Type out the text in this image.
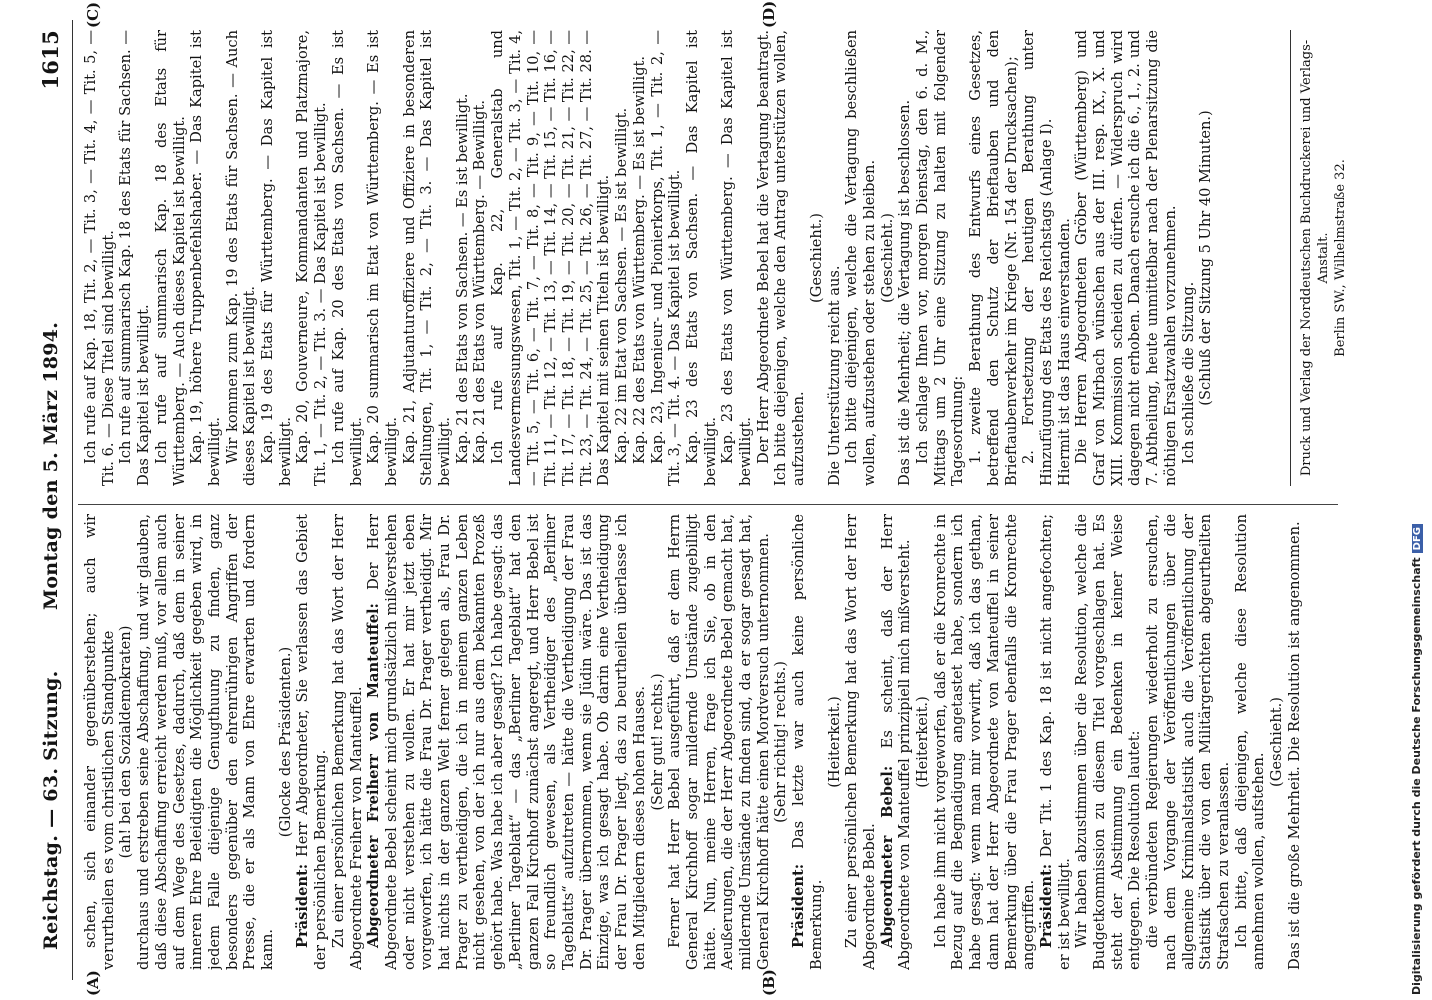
Reichstag. — 63. Sitzung.
Montag den 5. März 1894.
1615
(A)	(B)
(C)	(D)

schen, sich einander gegenüberstehen; auch wir verurtheilen es vom christlichen Standpunkte (ah! bei den Sozialdemokraten) durchaus und erstreben seine Abschaffung, und wir glauben, daß diese Abschaffung erreicht werden muß, vor allem auch auf dem Wege des Gesetzes, dadurch, daß dem in seiner inneren Ehre Beleidigten die Möglichkeit gegeben wird, in jedem Falle diejenige Genugthuung zu finden, ganz besonders gegenüber den ehrenrührigen Angriffen der Presse, die er als Mann von Ehre erwarten und fordern kann.

(Glocke des Präsidenten.)

Präsident: Herr Abgeordneter, Sie verlassen das Gebiet der persönlichen Bemerkung. Zu einer persönlichen Bemerkung hat das Wort der Herr Abgeordnete Freiherr von Manteuffel. Abgeordneter Freiherr von Manteuffel: Der Herr Abgeordnete Bebel scheint mich grundsätzlich mißverstehen oder nicht verstehen zu wollen. Er hat mir jetzt eben vorgeworfen, ich hätte die Frau Dr. Prager vertheidigt. Mir hat nichts in der ganzen Welt ferner gelegen als, Frau Dr. Prager zu vertheidigen, die ich in meinem ganzen Leben nicht gesehen, von der ich nur aus dem bekannten Prozeß gehört habe. Was habe ich aber gesagt? Ich habe gesagt: das „Berliner Tageblatt“ — das „Berliner Tageblatt“ hat den ganzen Fall Kirchhoff zunächst angeregt, und Herr Bebel ist so freundlich gewesen, als Vertheidiger des „Berliner Tageblatts“ aufzutreten — hätte die Vertheidigung der Frau Dr. Prager übernommen, wenn sie Jüdin wäre. Das ist das Einzige, was ich gesagt habe. Ob darin eine Vertheidigung der Frau Dr. Prager liegt, das zu beurtheilen überlasse ich den Mitgliedern dieses hohen Hauses. (Sehr gut! rechts.) Ferner hat Herr Bebel ausgeführt, daß er dem Herrn General Kirchhoff sogar mildernde Umstände zugebilligt hätte. Nun, meine Herren, frage ich Sie, ob in den Aeußerungen, die der Herr Abgeordnete Bebel gemacht hat, mildernde Umstände zu finden sind, da er sogar gesagt hat, General Kirchhoff hätte einen Mordversuch unternommen. (Sehr richtig! rechts.)

Präsident: Das letzte war auch keine persönliche Bemerkung.

(Heiterkeit.) Zu einer persönlichen Bemerkung hat das Wort der Herr Abgeordnete Bebel. Abgeordneter Bebel: Es scheint, daß der Herr Abgeordnete von Manteuffel prinzipiell mich mißversteht. (Heiterkeit.) Ich habe ihm nicht vorgeworfen, daß er die Kronrechte in Bezug auf die Begnadigung angetastet habe, sondern ich habe gesagt: wenn man mir vorwirft, daß ich das gethan, dann hat der Herr Abgeordnete von Manteuffel in seiner Bemerkung über die Frau Prager ebenfalls die Kronrechte angegriffen. Präsident: Der Tit. 1 des Kap. 18 ist nicht angefochten; er ist bewilligt. Wir haben abzustimmen über die Resolution, welche die Budgetkommission zu diesem Titel vorgeschlagen hat. Es steht der Abstimmung ein Bedenken in keiner Weise entgegen. Die Resolution lautet: die verbündeten Regierungen wiederholt zu ersuchen, nach dem Vorgange der Veröffentlichungen über die allgemeine Kriminalstatistik auch die Veröffentlichung der Statistik über die von den Militärgerichten abgeurtheilten Strafsachen zu veranlassen. Ich bitte, daß diejenigen, welche diese Resolution annehmen wollen, aufstehen.

(Geschieht.) Das ist die große Mehrheit. Die Resolution ist angenommen.

Ich rufe auf Kap. 18, Tit. 2, — Tit. 3, — Tit. 4, — Tit. 5, — Tit. 6. — Diese Titel sind bewilligt. Ich rufe auf summarisch Kap. 18 des Etats für Sachsen. — Das Kapitel ist bewilligt. Ich rufe auf summarisch Kap. 18 des Etats für Württemberg. — Auch dieses Kapitel ist bewilligt. Kap. 19, höhere Truppenbefehlshaber. — Das Kapitel ist bewilligt. Wir kommen zum Kap. 19 des Etats für Sachsen. — Auch dieses Kapitel ist bewilligt. Kap. 19 des Etats für Württemberg. — Das Kapitel ist bewilligt. Kap. 20, Gouverneure, Kommandanten und Platzmajore, Tit. 1, — Tit. 2, — Tit. 3. — Das Kapitel ist bewilligt. Ich rufe auf Kap. 20 des Etats von Sachsen. — Es ist bewilligt. Kap. 20 summarisch im Etat von Württemberg. — Es ist bewilligt. Kap. 21, Adjutanturoffiziere und Offiziere in besonderen Stellungen, Tit. 1, — Tit. 2, — Tit. 3. — Das Kapitel ist bewilligt. Kap. 21 des Etats von Sachsen. — Es ist bewilligt. Kap. 21 des Etats von Württemberg. — Bewilligt. Ich rufe auf Kap. 22, Generalstab und Landesvermessungswesen, Tit. 1, — Tit. 2, — Tit. 3, — Tit. 4, — Tit. 5, — Tit. 6, — Tit. 7, — Tit. 8, — Tit. 9, — Tit. 10, — Tit. 11, — Tit. 12, — Tit. 13, — Tit. 14, — Tit. 15, — Tit. 16, — Tit. 17, — Tit. 18, — Tit. 19, — Tit. 20, — Tit. 21, — Tit. 22, — Tit. 23, — Tit. 24, — Tit. 25, — Tit. 26, — Tit. 27, — Tit. 28. — Das Kapitel mit seinen Titeln ist bewilligt. Kap. 22 im Etat von Sachsen. — Es ist bewilligt. Kap. 22 des Etats von Württemberg. — Es ist bewilligt. Kap. 23, Ingenieur- und Pionierkorps, Tit. 1, — Tit. 2, — Tit. 3, — Tit. 4. — Das Kapitel ist bewilligt. Kap. 23 des Etats von Sachsen. — Das Kapitel ist bewilligt. Kap. 23 des Etats von Württemberg. — Das Kapitel ist bewilligt. Der Herr Abgeordnete Bebel hat die Vertagung beantragt. Ich bitte diejenigen, welche den Antrag unterstützen wollen, aufzustehen.

(Geschieht.)

Die Unterstützung reicht aus. Ich bitte diejenigen, welche die Vertagung beschließen wollen, aufzustehen oder stehen zu bleiben. (Geschieht.) Das ist die Mehrheit; die Vertagung ist beschlossen. Ich schlage Ihnen vor, morgen Dienstag, den 6. d. M., Mittags um 2 Uhr eine Sitzung zu halten mit folgender Tagesordnung: 1. zweite Berathung des Entwurfs eines Gesetzes, betreffend den Schutz der Brieftauben und den Brieftaubenverkehr im Kriege (Nr. 154 der Drucksachen); 2. Fortsetzung der heutigen Berathung unter Hinzufügung des Etats des Reichstags (Anlage I). Hiermit ist das Haus einverstanden. Die Herren Abgeordneten Gröber (Württemberg) und Graf von Mirbach wünschen aus der III. resp. IX., X. und XIII. Kommission scheiden zu dürfen. — Widerspruch wird dagegen nicht erhoben. Danach ersuche ich die 6., 1., 2. und 7. Abtheilung, heute unmittelbar nach der Plenarsitzung die nöthigen Ersatzwahlen vorzunehmen. Ich schließe die Sitzung. (Schluß der Sitzung 5 Uhr 40 Minuten.)	Druck und Verlag der Norddeutschen Buchdruckerei und Verlags-Anstalt. Berlin SW., Wilhelmstraße 32.
Digitalisierung gefördert durch die Deutsche ForschungsgemeinschaftDFG
